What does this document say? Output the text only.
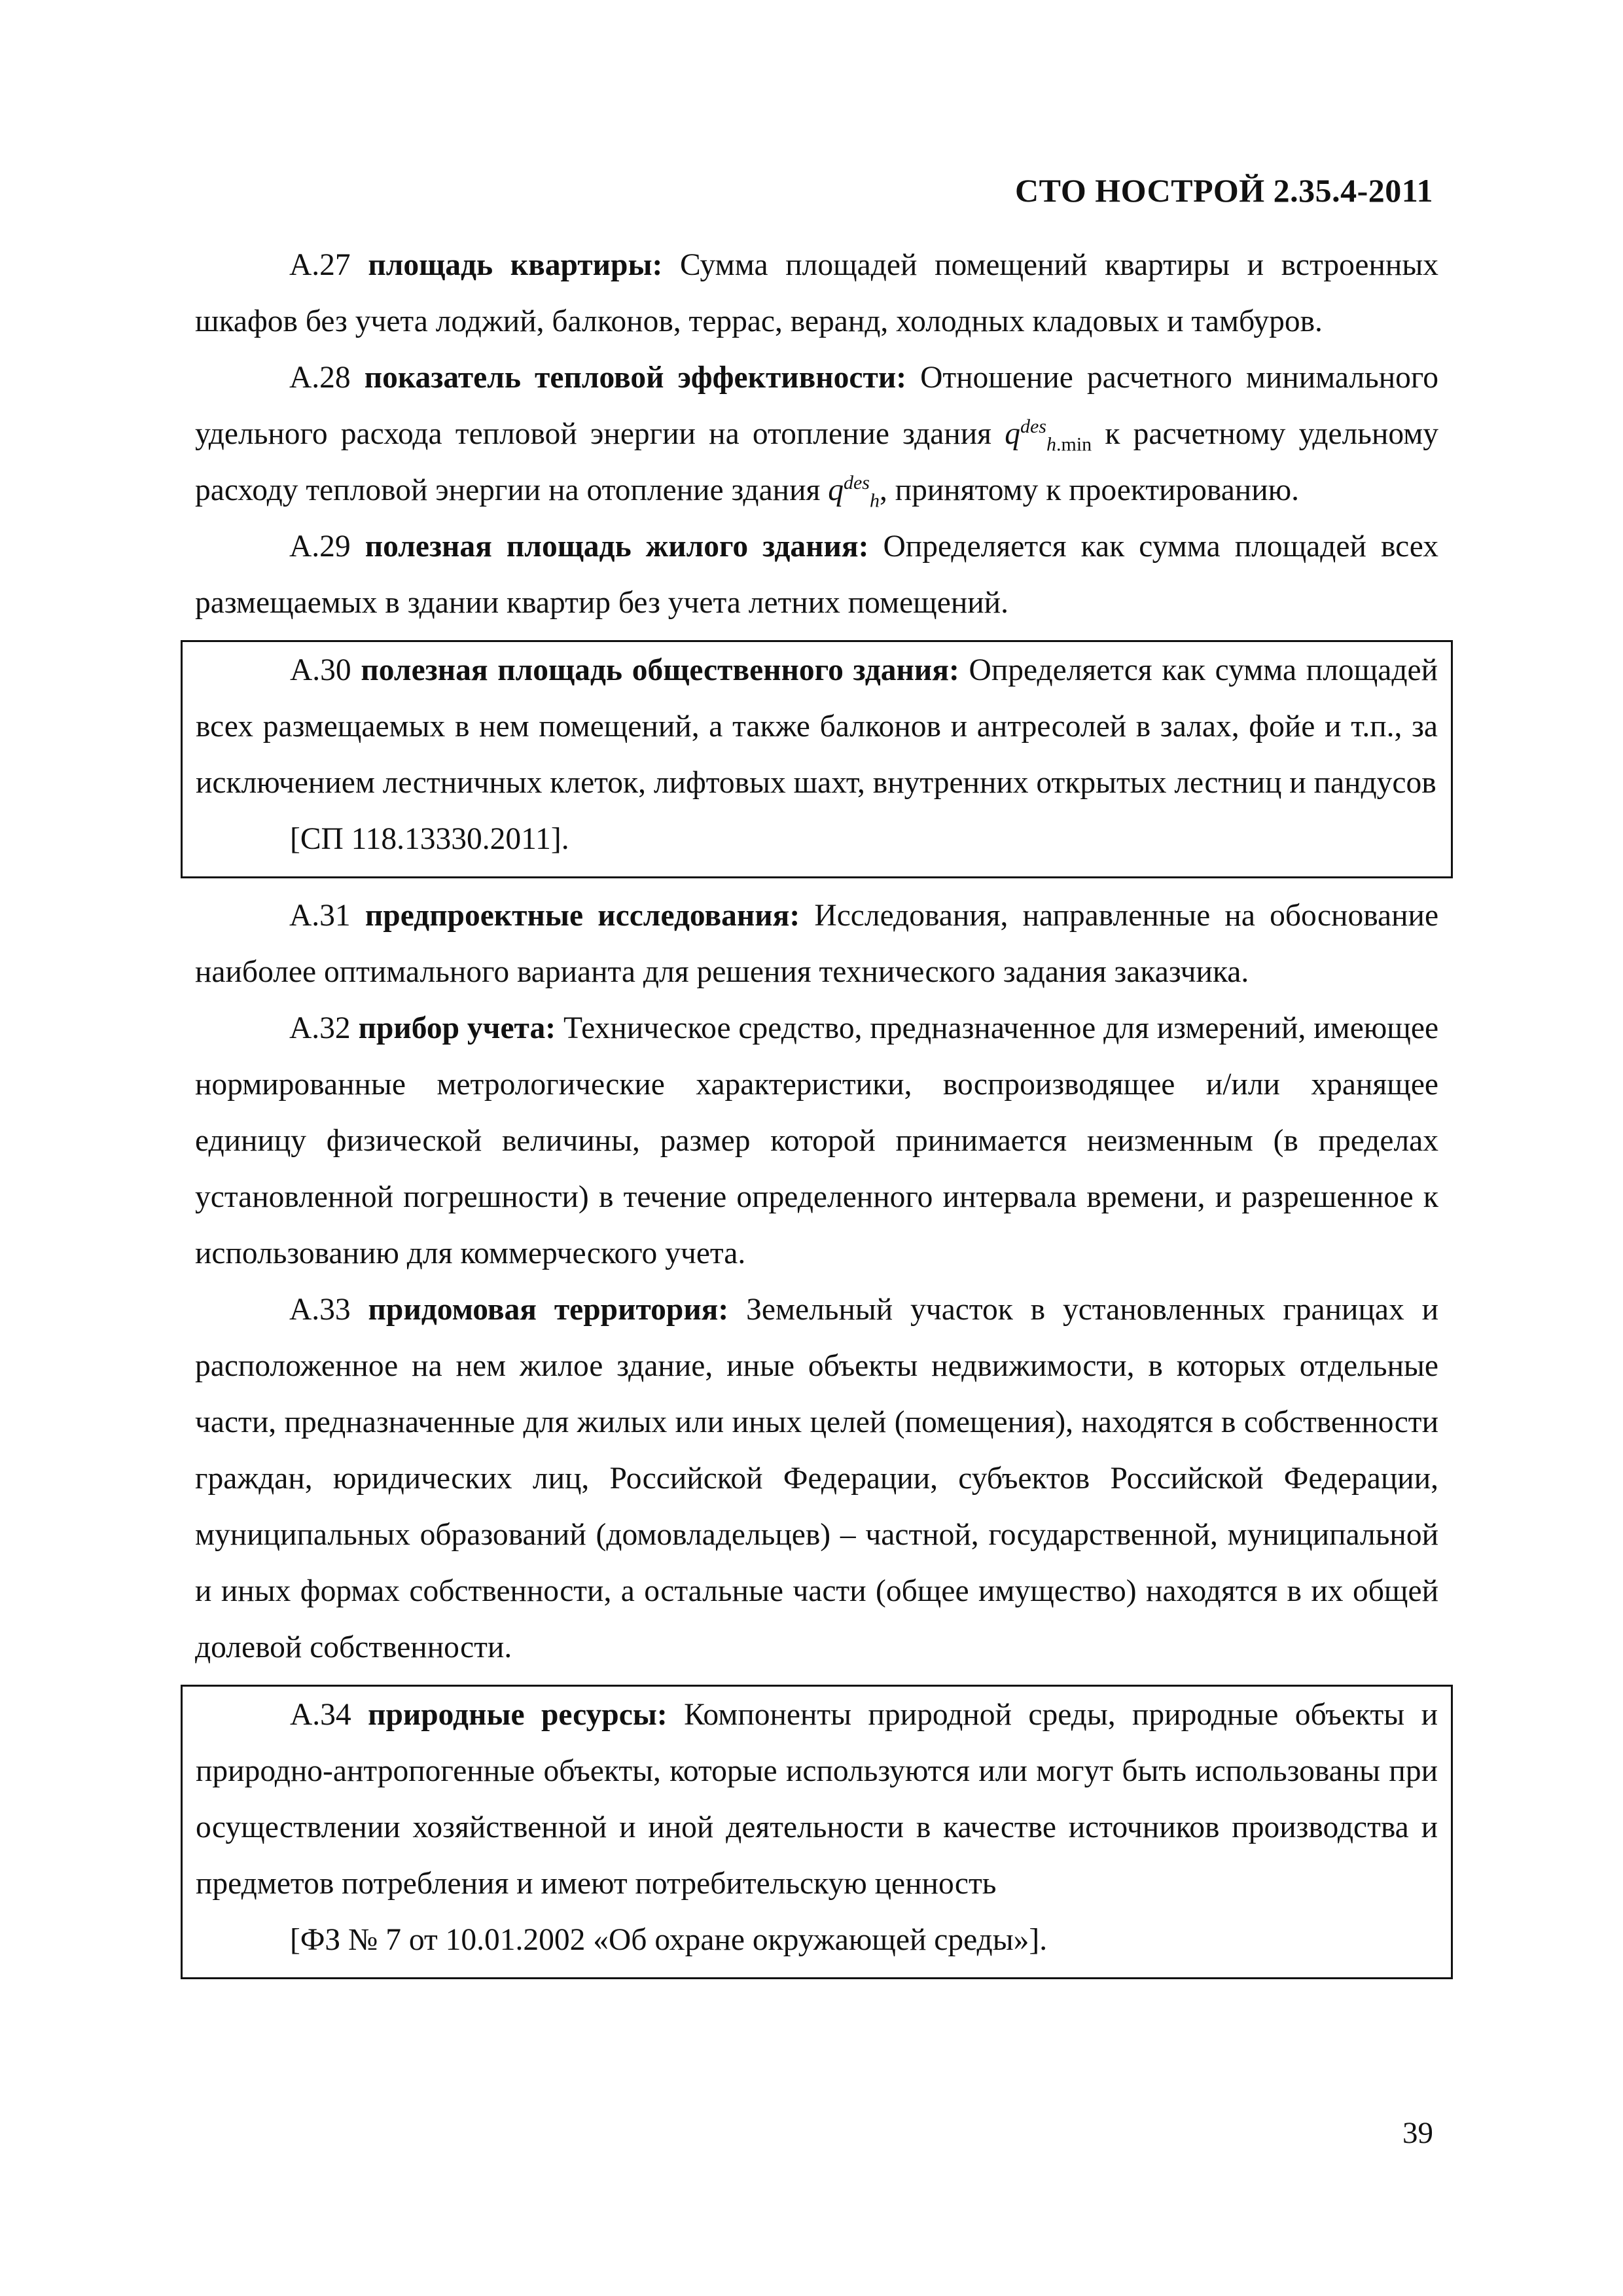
СТО НОСТРОЙ 2.35.4-2011

А.27 площадь квартиры: Сумма площадей помещений квартиры и встроенных шкафов без учета лоджий, балконов, террас, веранд, холодных кладовых и тамбуров.

А.28 показатель тепловой эффективности: Отношение расчетного минимального удельного расхода тепловой энергии на отопление здания $q^{des}_{h.min}$ к расчетному удельному расходу тепловой энергии на отопление здания $q^{des}_h$, принятому к проектированию.

А.29 полезная площадь жилого здания: Определяется как сумма площадей всех размещаемых в здании квартир без учета летних помещений.

А.30 полезная площадь общественного здания: Определяется как сумма площадей всех размещаемых в нем помещений, а также балконов и антресолей в залах, фойе и т.п., за исключением лестничных клеток, лифтовых шахт, внутренних открытых лестниц и пандусов

[СП 118.13330.2011].

А.31 предпроектные исследования: Исследования, направленные на обоснование наиболее оптимального варианта для решения технического задания заказчика.

А.32 прибор учета: Техническое средство, предназначенное для измерений, имеющее нормированные метрологические характеристики, воспроизводящее и/или хранящее единицу физической величины, размер которой принимается неизменным (в пределах установленной погрешности) в течение определенного интервала времени, и разрешенное к использованию для коммерческого учета.

А.33 придомовая территория: Земельный участок в установленных границах и расположенное на нем жилое здание, иные объекты недвижимости, в которых отдельные части, предназначенные для жилых или иных целей (помещения), находятся в собственности граждан, юридических лиц, Российской Федерации, субъектов Российской Федерации, муниципальных образований (домовладельцев) – частной, государственной, муниципальной и иных формах собственности, а остальные части (общее имущество) находятся в их общей долевой собственности.

А.34 природные ресурсы: Компоненты природной среды, природные объекты и природно-антропогенные объекты, которые используются или могут быть использованы при осуществлении хозяйственной и иной деятельности в качестве источников производства и предметов потребления и имеют потребительскую ценность

[ФЗ № 7 от 10.01.2002 «Об охране окружающей среды»].

39
